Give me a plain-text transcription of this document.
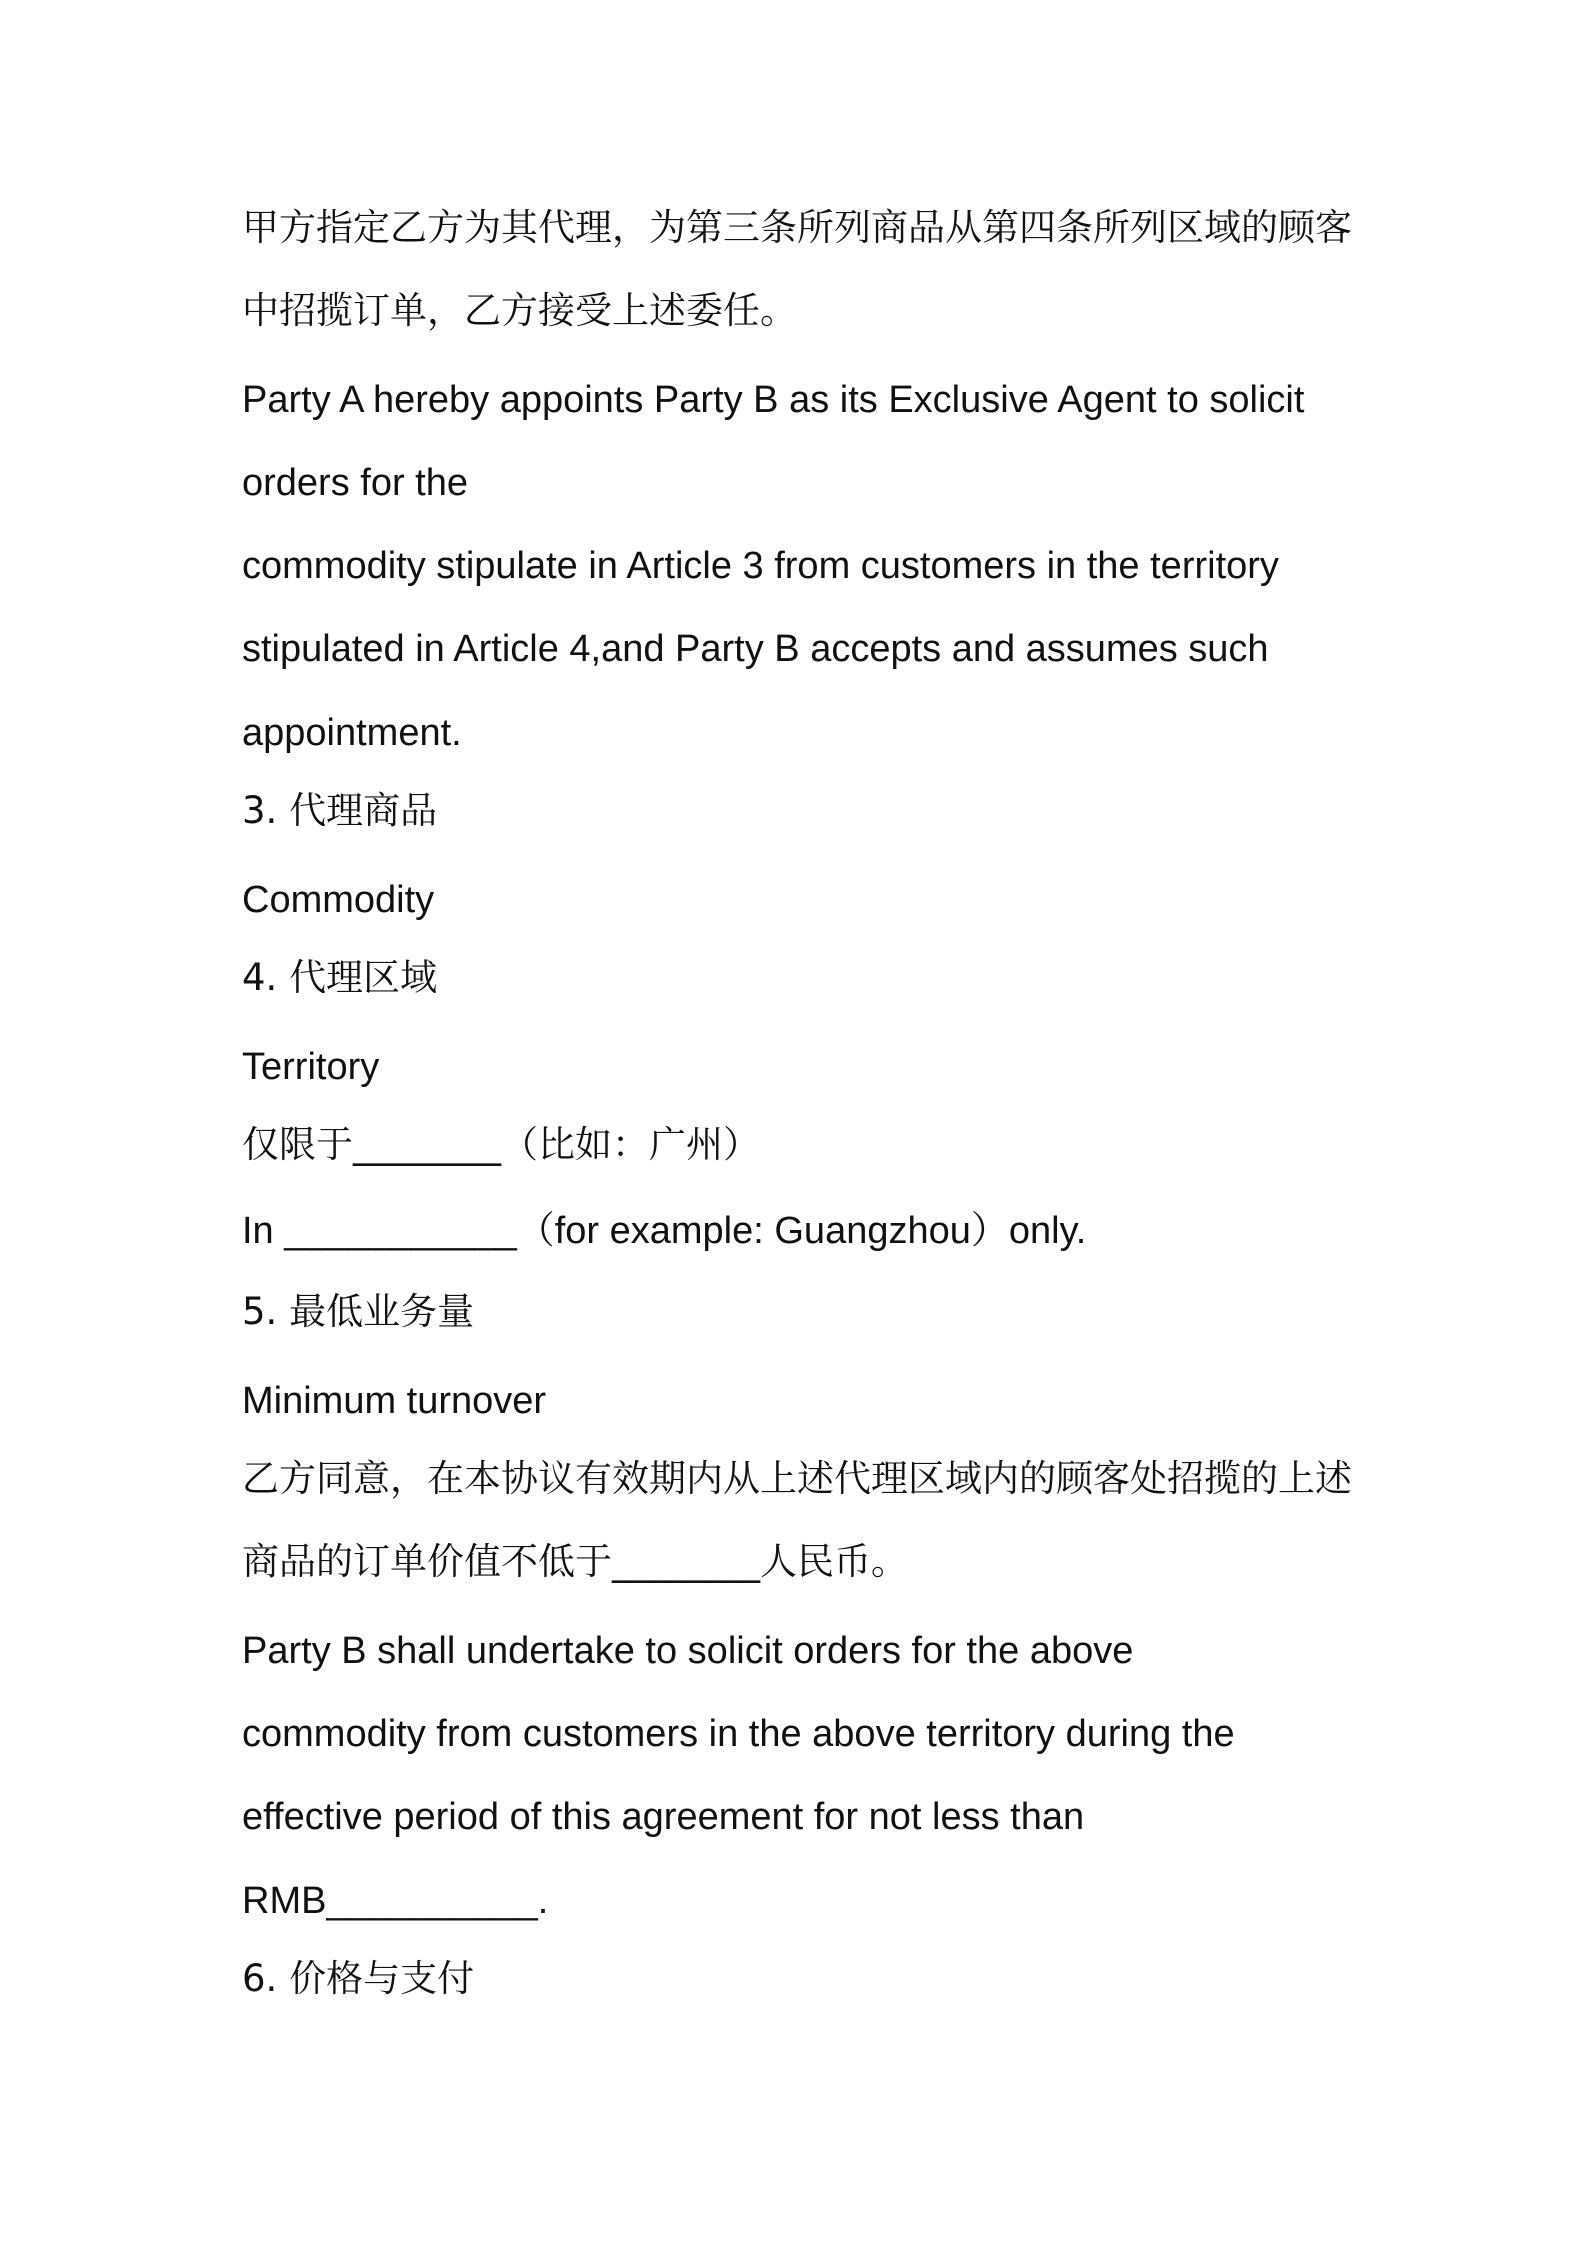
甲方指定乙方为其代理，为第三条所列商品从第四条所列区域的顾客
中招揽订单，乙方接受上述委任。
Party A hereby appoints Party B as its Exclusive Agent to solicit
orders for the
commodity stipulate in Article 3 from customers in the territory
stipulated in Article 4,and Party B accepts and assumes such
appointment.
3. 代理商品
Commodity
4. 代理区域
Territory
仅限于________（比如：广州）
In ___________（for example: Guangzhou）only.
5. 最低业务量
Minimum turnover
乙方同意，在本协议有效期内从上述代理区域内的顾客处招揽的上述
商品的订单价值不低于________人民币。
Party B shall undertake to solicit orders for the above
commodity from customers in the above territory during the
effective period of this agreement for not less than
RMB__________.
6. 价格与支付
